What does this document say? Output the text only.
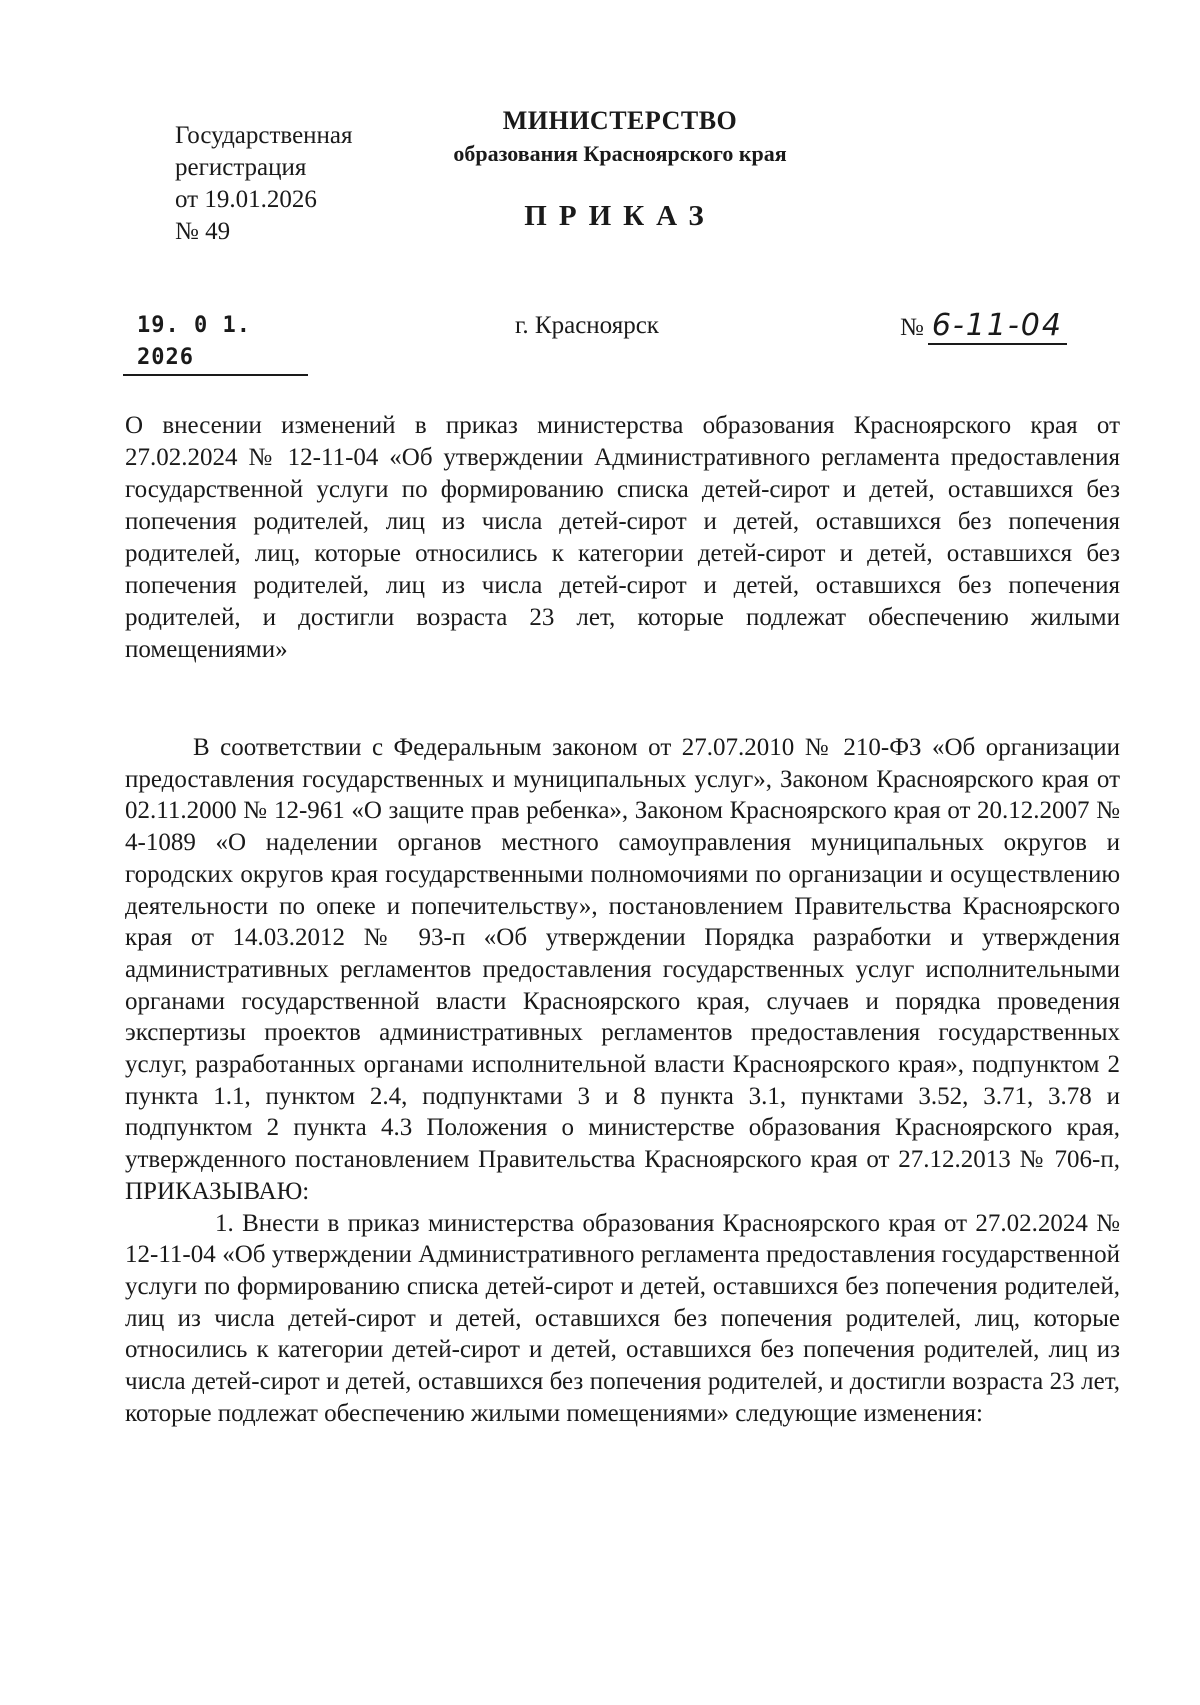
Государственная
регистрация
от 19.01.2026
№ 49
МИНИСТЕРСТВО
образования Красноярского края
ПРИКАЗ
19. 0 1. 2026
г. Красноярск	№ 6-11-04
О внесении изменений в приказ министерства образования Красноярского края от 27.02.2024 № 12-11-04 «Об утверждении Административного регламента предоставления государственной услуги по формированию списка детей-сирот и детей, оставшихся без попечения родителей, лиц из числа детей-сирот и детей, оставшихся без попечения родителей, лиц, которые относились к категории детей-сирот и детей, оставшихся без попечения родителей, лиц из числа детей-сирот и детей, оставшихся без попечения родителей, и достигли возраста 23 лет, которые подлежат обеспечению жилыми помещениями»

В соответствии с Федеральным законом от 27.07.2010 № 210-ФЗ «Об организации предоставления государственных и муниципальных услуг», Законом Красноярского края от 02.11.2000 № 12-961 «О защите прав ребенка», Законом Красноярского края от 20.12.2007 № 4-1089 «О наделении органов местного самоуправления муниципальных округов и городских округов края государственными полномочиями по организации и осуществлению деятельности по опеке и попечительству», постановлением Правительства Красноярского края от 14.03.2012 № 93-п «Об утверждении Порядка разработки и утверждения административных регламентов предоставления государственных услуг исполнительными органами государственной власти Красноярского края, случаев и порядка проведения экспертизы проектов административных регламентов предоставления государственных услуг, разработанных органами исполнительной власти Красноярского края», подпунктом 2 пункта 1.1, пунктом 2.4, подпунктами 3 и 8 пункта 3.1, пунктами 3.52, 3.71, 3.78 и подпунктом 2 пункта 4.3 Положения о министерстве образования Красноярского края, утвержденного постановлением Правительства Красноярского края от 27.12.2013 № 706-п, ПРИКАЗЫВАЮ:

1. Внести в приказ министерства образования Красноярского края от 27.02.2024 № 12-11-04 «Об утверждении Административного регламента предоставления государственной услуги по формированию списка детей-сирот и детей, оставшихся без попечения родителей, лиц из числа детей-сирот и детей, оставшихся без попечения родителей, лиц, которые относились к категории детей-сирот и детей, оставшихся без попечения родителей, лиц из числа детей-сирот и детей, оставшихся без попечения родителей, и достигли возраста 23 лет, которые подлежат обеспечению жилыми помещениями» следующие изменения:
